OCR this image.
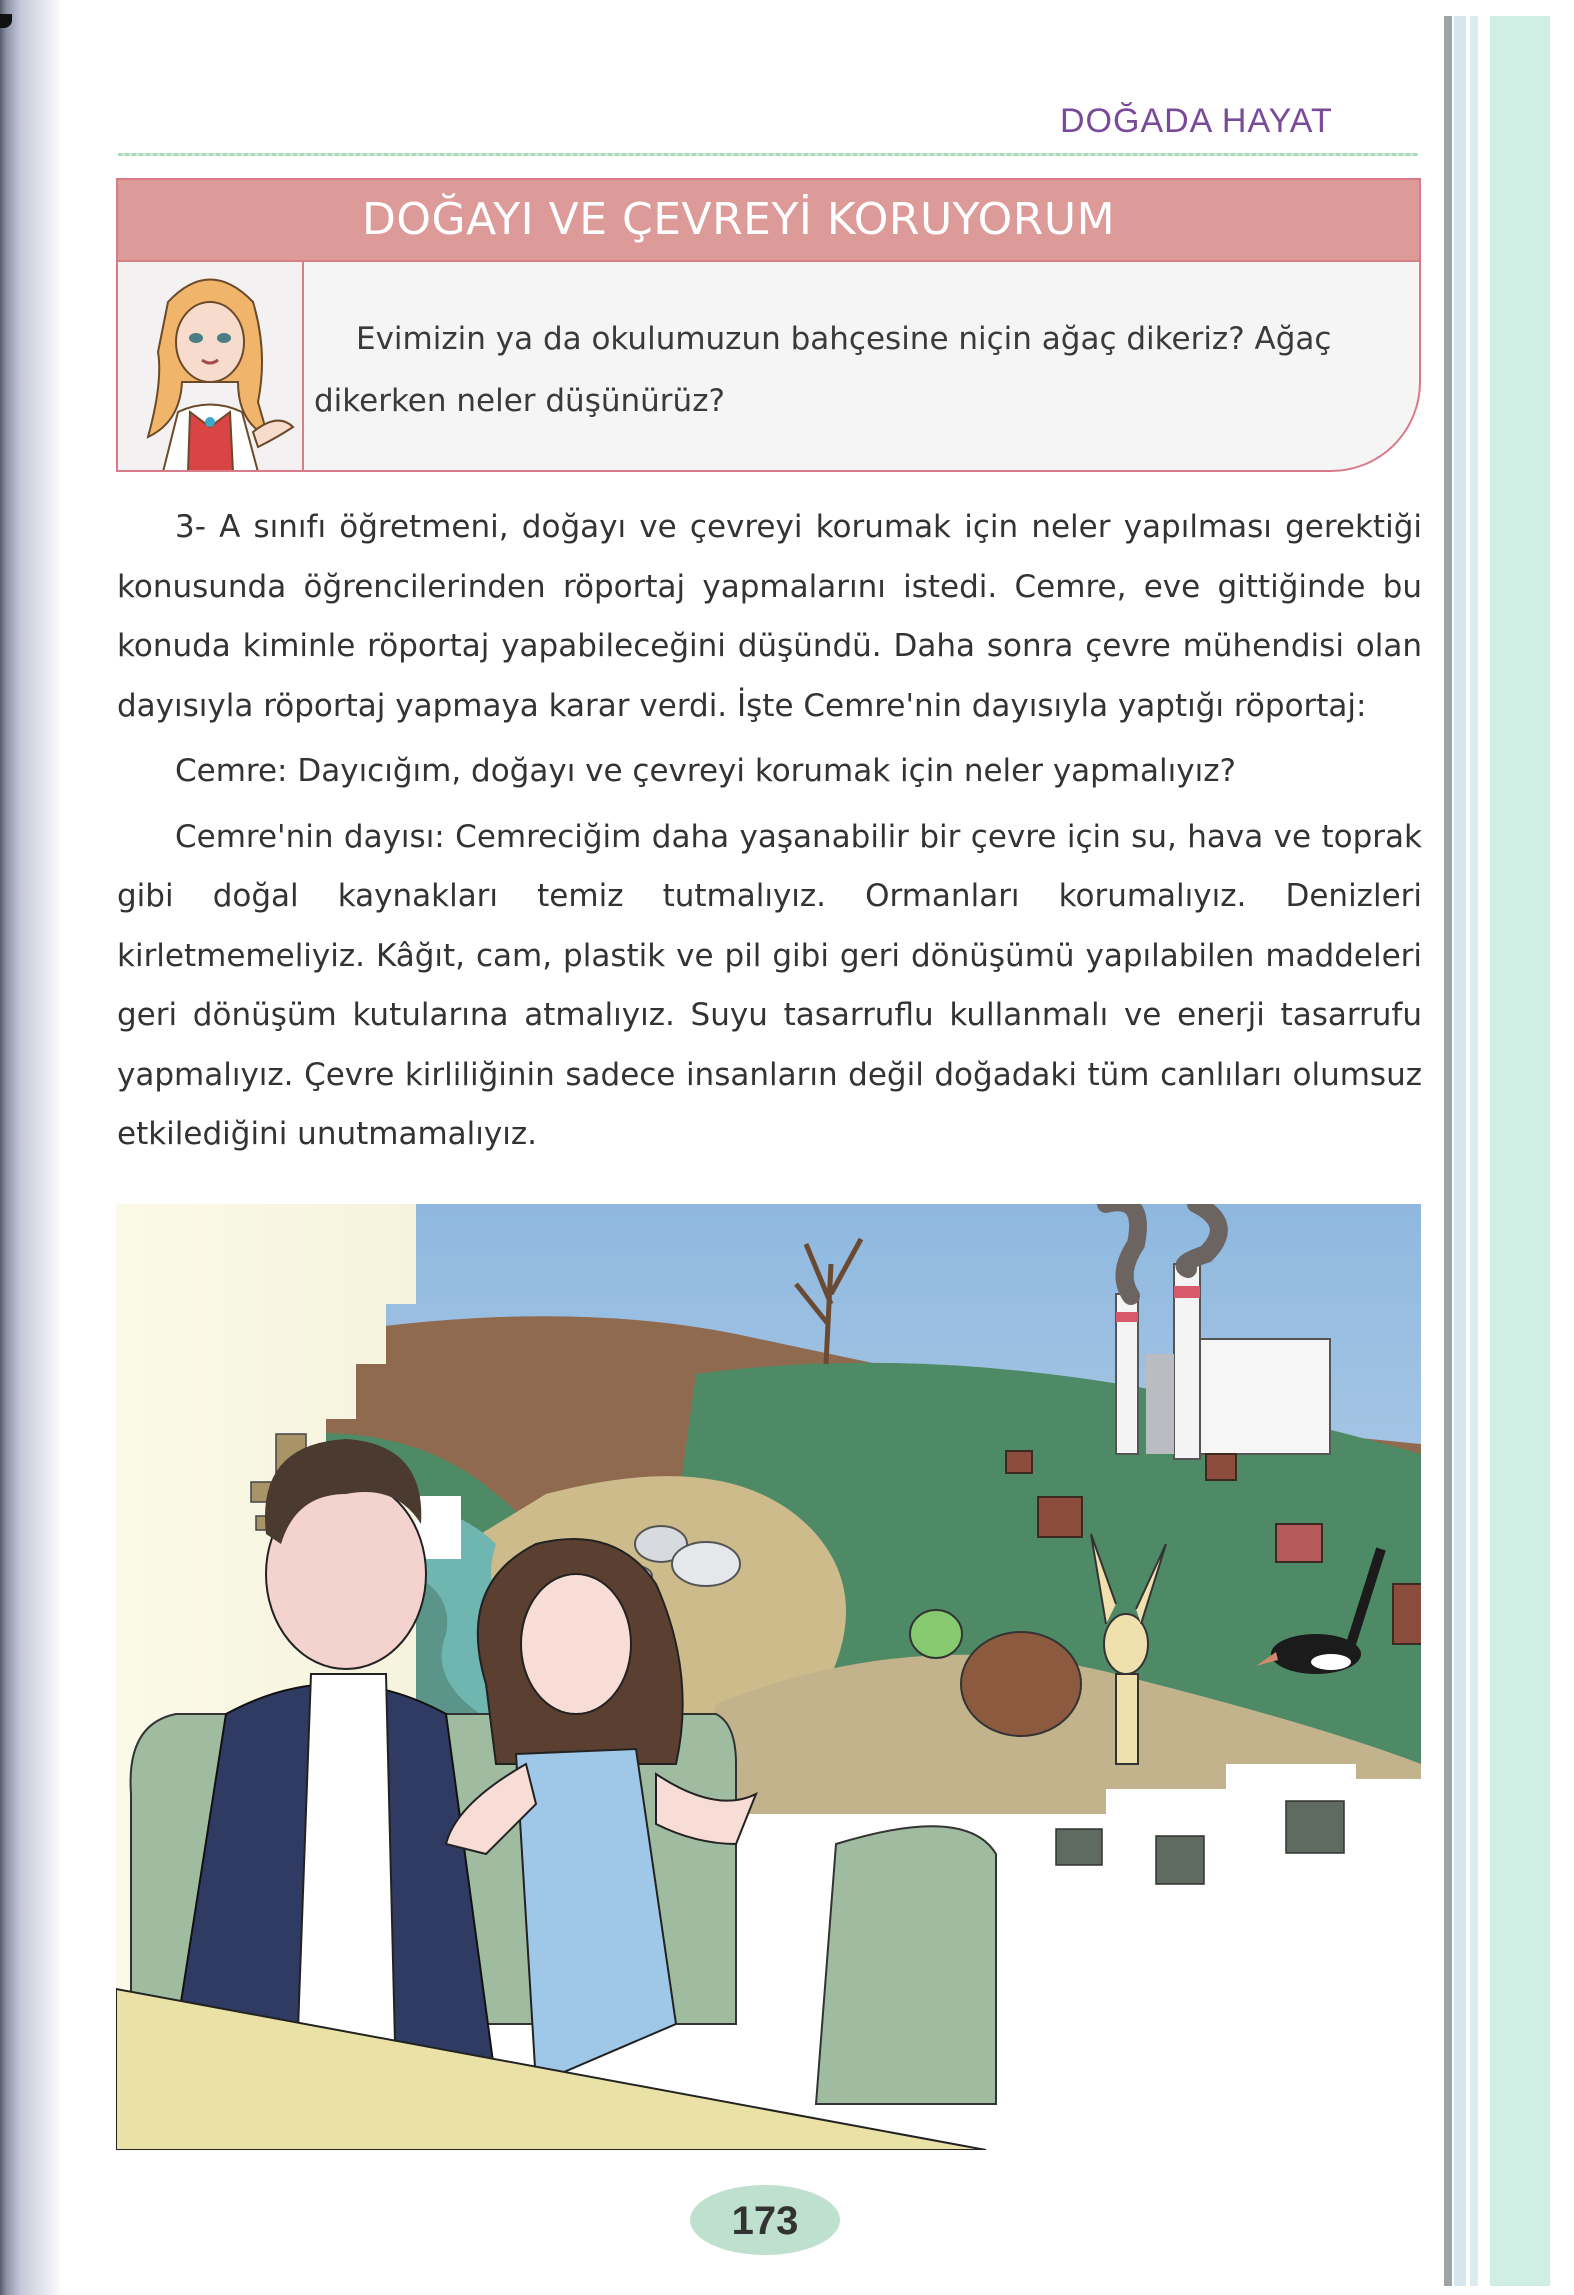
DOĞADA HAYAT
DOĞAYI VE ÇEVREYİ KORUYORUM
Evimizin ya da okulumuzun bahçesine niçin ağaç dikeriz? Ağaç
dikerken neler düşünürüz?

3- A sınıfı öğretmeni, doğayı ve çevreyi korumak için neler yapılması gerektiği konusunda öğrencilerinden röportaj yapmalarını istedi. Cemre, eve gittiğinde bu konuda kiminle röportaj yapabileceğini düşündü. Daha sonra çevre mühendisi olan dayısıyla röportaj yapmaya karar verdi. İşte Cemre'nin dayısıyla yaptığı röportaj:

Cemre: Dayıcığım, doğayı ve çevreyi korumak için neler yapmalıyız?

Cemre'nin dayısı: Cemreciğim daha yaşanabilir bir çevre için su, hava ve toprak gibi doğal kaynakları temiz tutmalıyız. Ormanları korumalıyız. Denizleri kirletmemeliyiz. Kâğıt, cam, plastik ve pil gibi geri dönüşümü yapılabilen maddeleri geri dönüşüm kutularına atmalıyız. Suyu tasarruflu kullanmalı ve enerji tasarrufu yapmalıyız. Çevre kirliliğinin sadece insanların değil doğadaki tüm canlıları olumsuz etkilediğini unutmamalıyız.

173
